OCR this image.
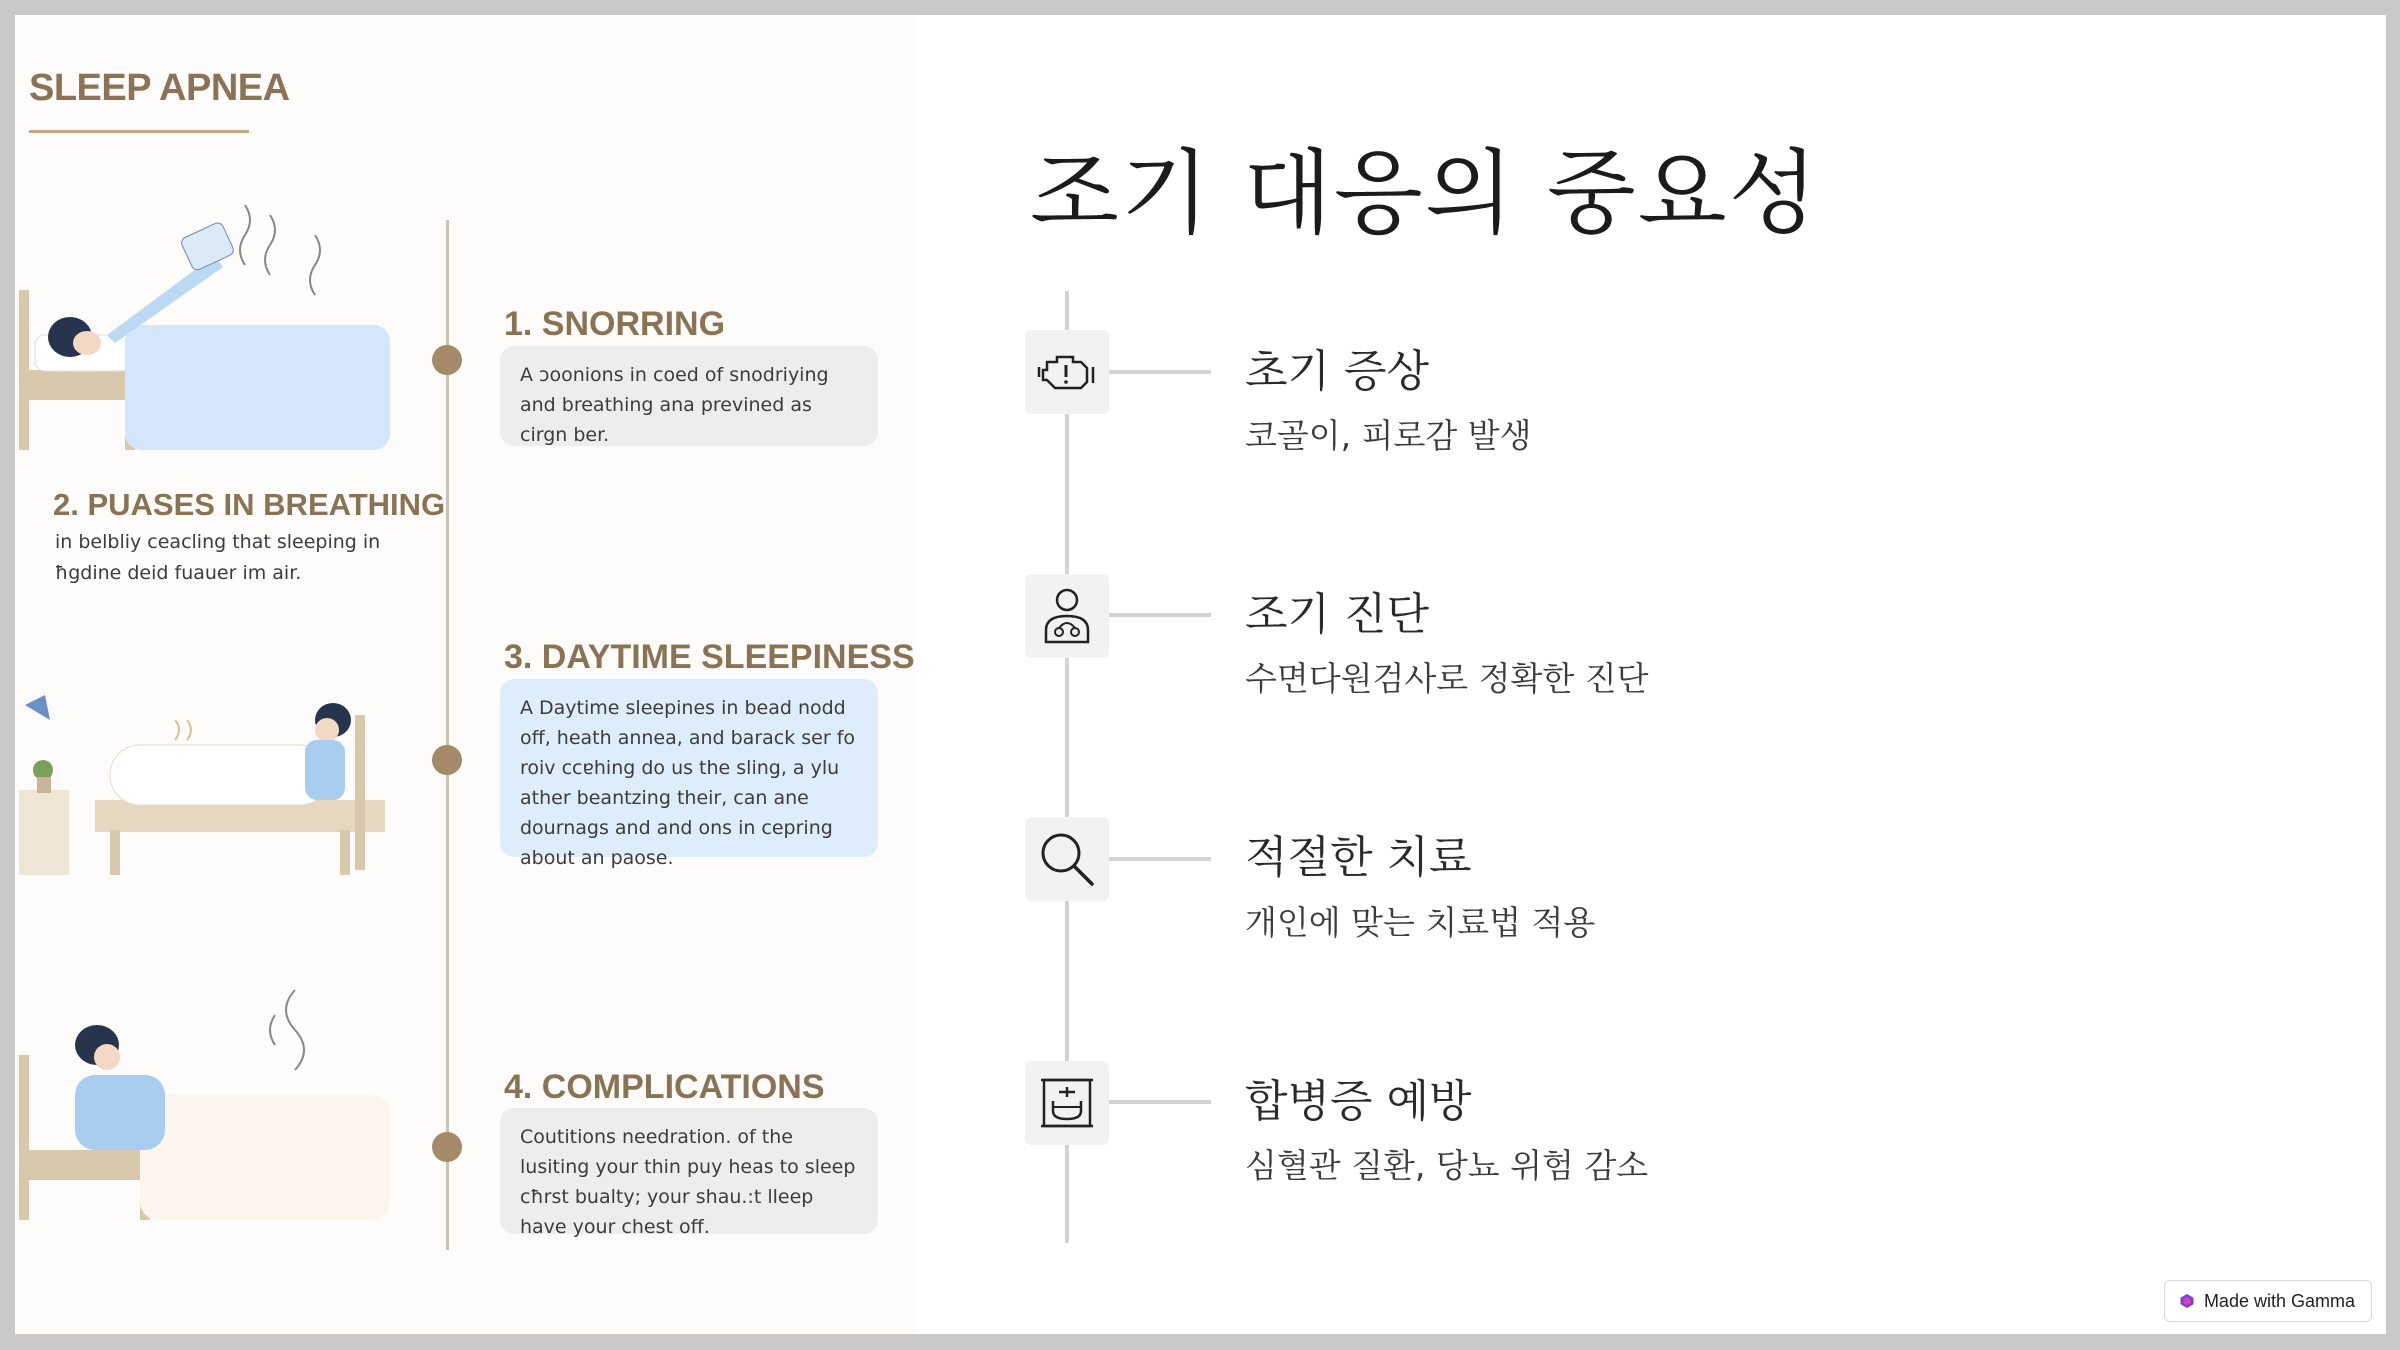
SLEEP APNEA
1. SNORRING
A ɔoonions in coed of snodriying and breathing ana previned as cirgn ber.
2. PUASES IN BREATHING
in belbliy ceacling that sleeping in ħgdine deid fuauer im air.
3. DAYTIME SLEEPINESS
A Daytime sleepines in bead nodd off, heath annea, and barack ser fo roiv ccɐhing do us the sling, a ylu ather beantzing their, can ane dournags and and ons in cepring about an paose.
4. COMPLICATIONS
Coutitions needration. of the lusiting your thin puy heas to sleep cħrst bualty; your shau.:t lleep have your chest off.
조기 대응의 중요성
초기 증상
코골이, 피로감 발생
조기 진단
수면다원검사로 정확한 진단
적절한 치료
개인에 맞는 치료법 적용
합병증 예방
심혈관 질환, 당뇨 위험 감소
Made with Gamma
